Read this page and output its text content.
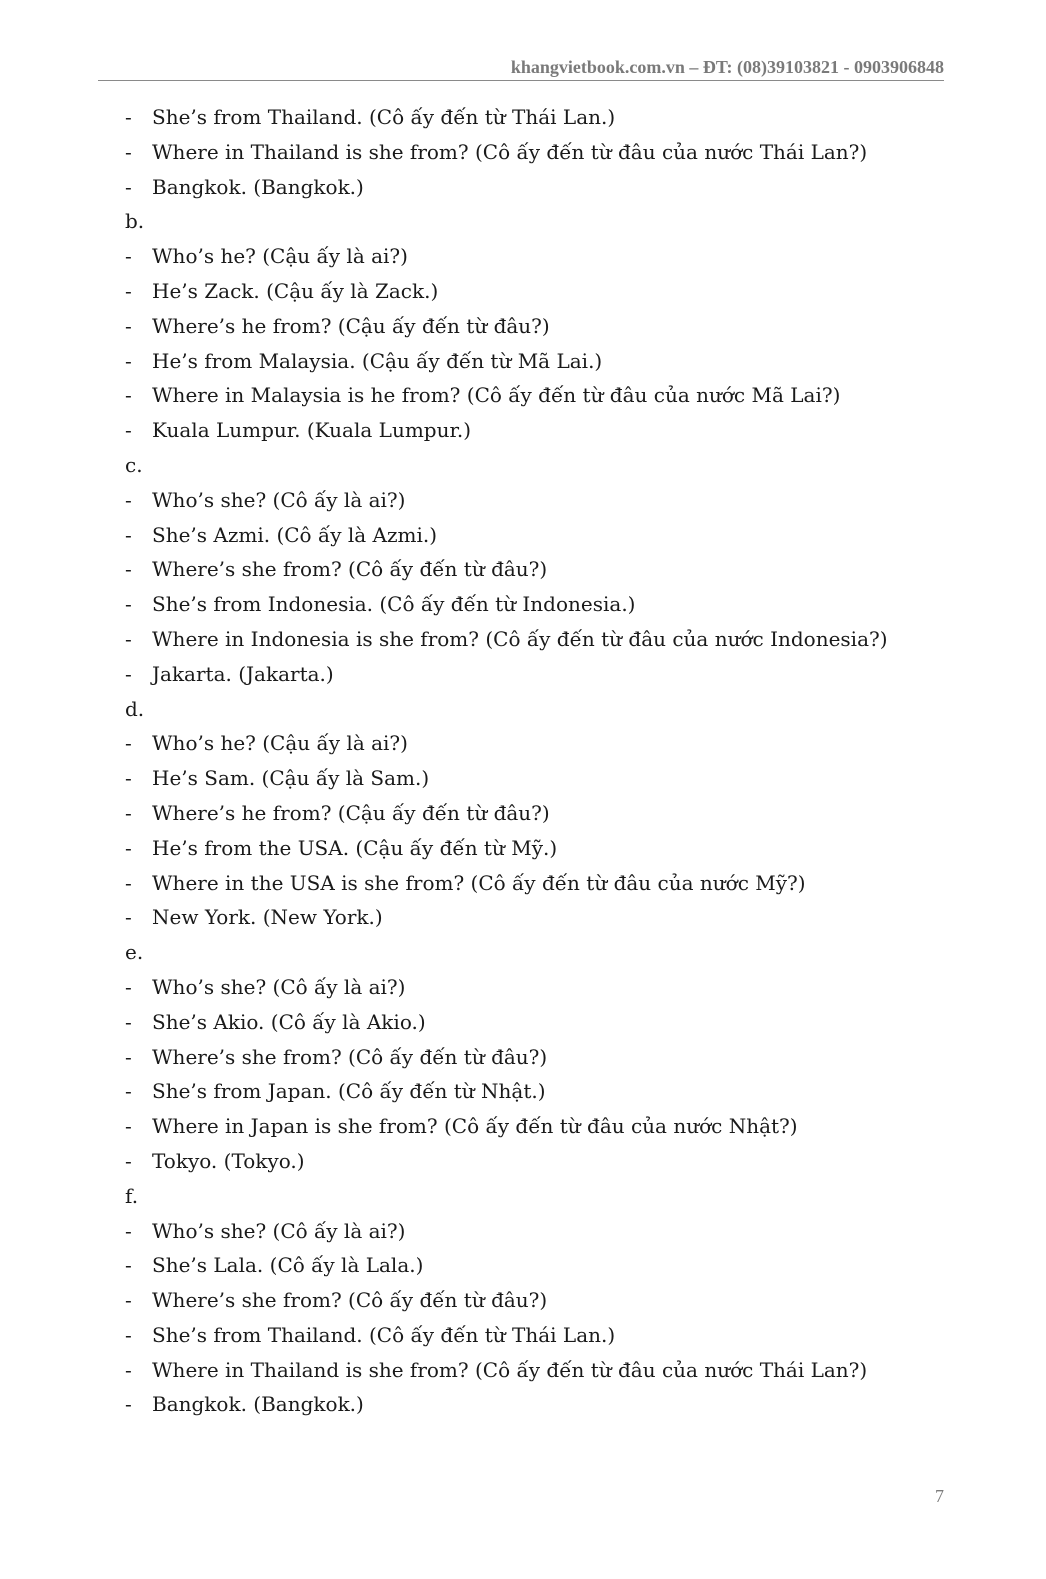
khangvietbook.com.vn – ĐT: (08)39103821 - 0903906848
- She’s from Thailand. (Cô ấy đến từ Thái Lan.)
- Where in Thailand is she from? (Cô ấy đến từ đâu của nước Thái Lan?)
- Bangkok. (Bangkok.)
b.
- Who’s he? (Cậu ấy là ai?)
- He’s Zack. (Cậu ấy là Zack.)
- Where’s he from? (Cậu ấy đến từ đâu?)
- He’s from Malaysia. (Cậu ấy đến từ Mã Lai.)
- Where in Malaysia is he from? (Cô ấy đến từ đâu của nước Mã Lai?)
- Kuala Lumpur. (Kuala Lumpur.)
c.
- Who’s she? (Cô ấy là ai?)
- She’s Azmi. (Cô ấy là Azmi.)
- Where’s she from? (Cô ấy đến từ đâu?)
- She’s from Indonesia. (Cô ấy đến từ Indonesia.)
- Where in Indonesia is she from? (Cô ấy đến từ đâu của nước Indonesia?)
- Jakarta. (Jakarta.)
d.
- Who’s he? (Cậu ấy là ai?)
- He’s Sam. (Cậu ấy là Sam.)
- Where’s he from? (Cậu ấy đến từ đâu?)
- He’s from the USA. (Cậu ấy đến từ Mỹ.)
- Where in the USA is she from? (Cô ấy đến từ đâu của nước Mỹ?)
- New York. (New York.)
e.
- Who’s she? (Cô ấy là ai?)
- She’s Akio. (Cô ấy là Akio.)
- Where’s she from? (Cô ấy đến từ đâu?)
- She’s from Japan. (Cô ấy đến từ Nhật.)
- Where in Japan is she from? (Cô ấy đến từ đâu của nước Nhật?)
- Tokyo. (Tokyo.)
f.
- Who’s she? (Cô ấy là ai?)
- She’s Lala. (Cô ấy là Lala.)
- Where’s she from? (Cô ấy đến từ đâu?)
- She’s from Thailand. (Cô ấy đến từ Thái Lan.)
- Where in Thailand is she from? (Cô ấy đến từ đâu của nước Thái Lan?)
- Bangkok. (Bangkok.)
7
